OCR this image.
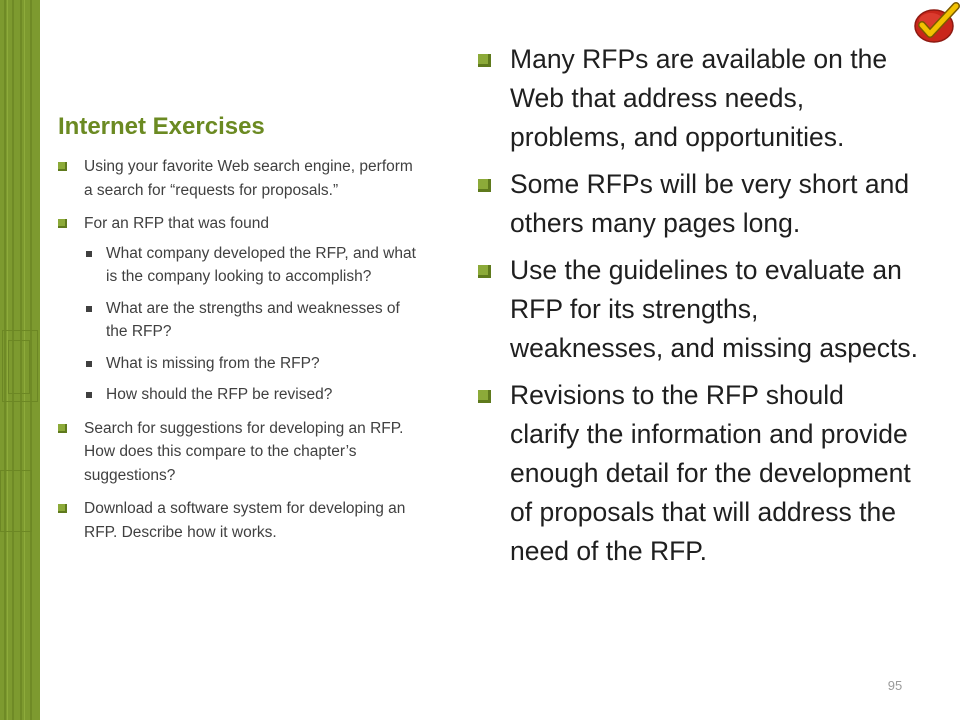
Internet Exercises
Using your favorite Web search engine, perform a search for “requests for proposals.”
For an RFP that was found
What company developed the RFP, and what is the company looking to accomplish?
What are the strengths and weaknesses of the RFP?
What is missing from the RFP?
How should the RFP be revised?
Search for suggestions for developing an RFP. How does this compare to the chapter’s suggestions?
Download a software system for developing an RFP. Describe how it works.
Many RFPs are available on the Web that address needs, problems, and opportunities.
Some RFPs will be very short and others many pages long.
Use the guidelines to evaluate an RFP for its strengths, weaknesses, and missing aspects.
Revisions to the RFP should clarify the information and provide enough detail for the development of proposals that will address the need of the RFP.
95
